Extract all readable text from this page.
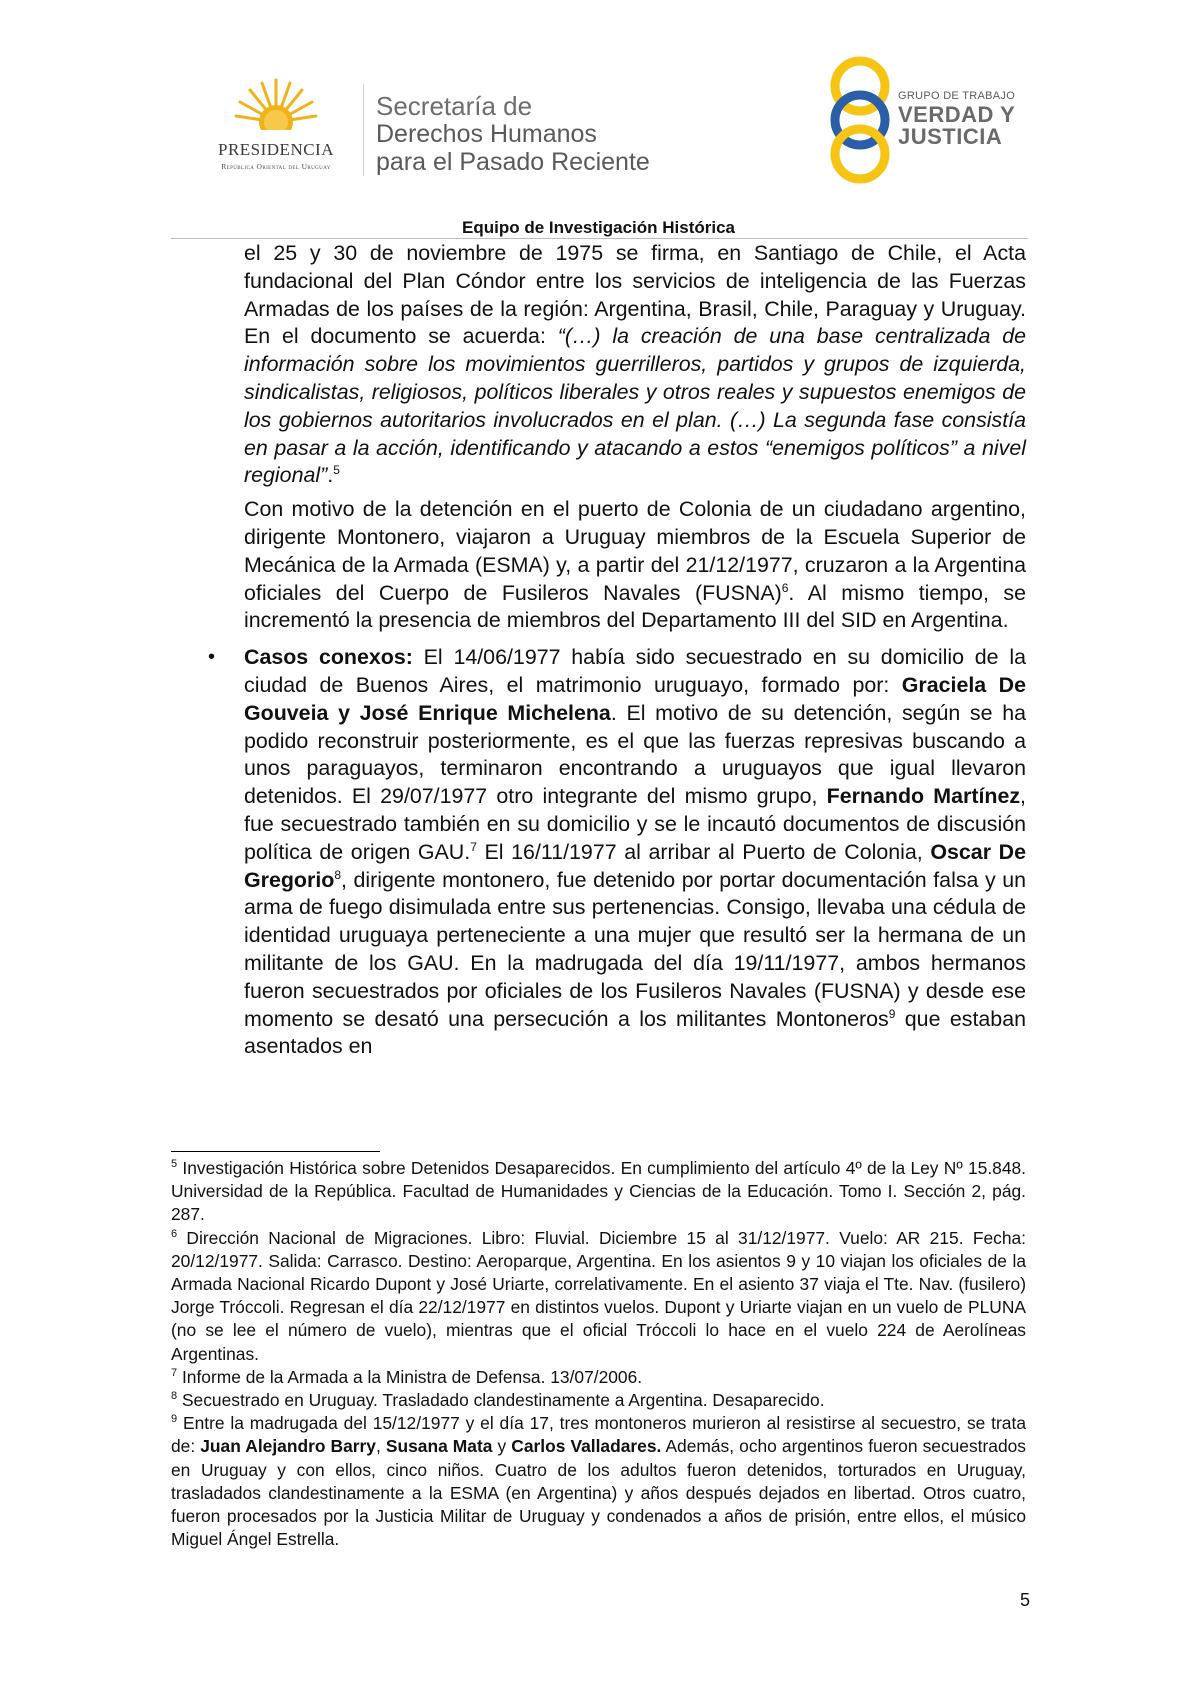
PRESIDENCIA
República Oriental del Uruguay
Secretaría de
Derechos Humanos
para el Pasado Reciente
GRUPO DE TRABAJO
VERDAD Y
JUSTICIA
Equipo de Investigación Histórica

el 25 y 30 de noviembre de 1975 se firma, en Santiago de Chile, el Acta fundacional del Plan Cóndor entre los servicios de inteligencia de las Fuerzas Armadas de los países de la región: Argentina, Brasil, Chile, Paraguay y Uruguay. En el documento se acuerda: “(…) la creación de una base centralizada de información sobre los movimientos guerrilleros, partidos y grupos de izquierda, sindicalistas, religiosos, políticos liberales y otros reales y supuestos enemigos de los gobiernos autoritarios involucrados en el plan. (…) La segunda fase consistía en pasar a la acción, identificando y atacando a estos “enemigos políticos” a nivel regional”.$^5$

Con motivo de la detención en el puerto de Colonia de un ciudadano argentino, dirigente Montonero, viajaron a Uruguay miembros de la Escuela Superior de Mecánica de la Armada (ESMA) y, a partir del 21/12/1977, cruzaron a la Argentina oficiales del Cuerpo de Fusileros Navales (FUSNA)$^6$. Al mismo tiempo, se incrementó la presencia de miembros del Departamento III del SID en Argentina.

• Casos conexos: El 14/06/1977 había sido secuestrado en su domicilio de la ciudad de Buenos Aires, el matrimonio uruguayo, formado por: Graciela De Gouveia y José Enrique Michelena. El motivo de su detención, según se ha podido reconstruir posteriormente, es el que las fuerzas represivas buscando a unos paraguayos, terminaron encontrando a uruguayos que igual llevaron detenidos. El 29/07/1977 otro integrante del mismo grupo, Fernando Martínez, fue secuestrado también en su domicilio y se le incautó documentos de discusión política de origen GAU.$^7$ El 16/11/1977 al arribar al Puerto de Colonia, Oscar De Gregorio$^8$, dirigente montonero, fue detenido por portar documentación falsa y un arma de fuego disimulada entre sus pertenencias. Consigo, llevaba una cédula de identidad uruguaya perteneciente a una mujer que resultó ser la hermana de un militante de los GAU. En la madrugada del día 19/11/1977, ambos hermanos fueron secuestrados por oficiales de los Fusileros Navales (FUSNA) y desde ese momento se desató una persecución a los militantes Montoneros$^9$ que estaban asentados en

$^5$ Investigación Histórica sobre Detenidos Desaparecidos. En cumplimiento del artículo 4º de la Ley Nº 15.848. Universidad de la República. Facultad de Humanidades y Ciencias de la Educación. Tomo I. Sección 2, pág. 287.

$^6$ Dirección Nacional de Migraciones. Libro: Fluvial. Diciembre 15 al 31/12/1977. Vuelo: AR 215. Fecha: 20/12/1977. Salida: Carrasco. Destino: Aeroparque, Argentina. En los asientos 9 y 10 viajan los oficiales de la Armada Nacional Ricardo Dupont y José Uriarte, correlativamente. En el asiento 37 viaja el Tte. Nav. (fusilero) Jorge Tróccoli. Regresan el día 22/12/1977 en distintos vuelos. Dupont y Uriarte viajan en un vuelo de PLUNA (no se lee el número de vuelo), mientras que el oficial Tróccoli lo hace en el vuelo 224 de Aerolíneas Argentinas.

$^7$ Informe de la Armada a la Ministra de Defensa. 13/07/2006.

$^8$ Secuestrado en Uruguay. Trasladado clandestinamente a Argentina. Desaparecido.

$^9$ Entre la madrugada del 15/12/1977 y el día 17, tres montoneros murieron al resistirse al secuestro, se trata de: Juan Alejandro Barry, Susana Mata y Carlos Valladares. Además, ocho argentinos fueron secuestrados en Uruguay y con ellos, cinco niños. Cuatro de los adultos fueron detenidos, torturados en Uruguay, trasladados clandestinamente a la ESMA (en Argentina) y años después dejados en libertad. Otros cuatro, fueron procesados por la Justicia Militar de Uruguay y condenados a años de prisión, entre ellos, el músico Miguel Ángel Estrella.

5
